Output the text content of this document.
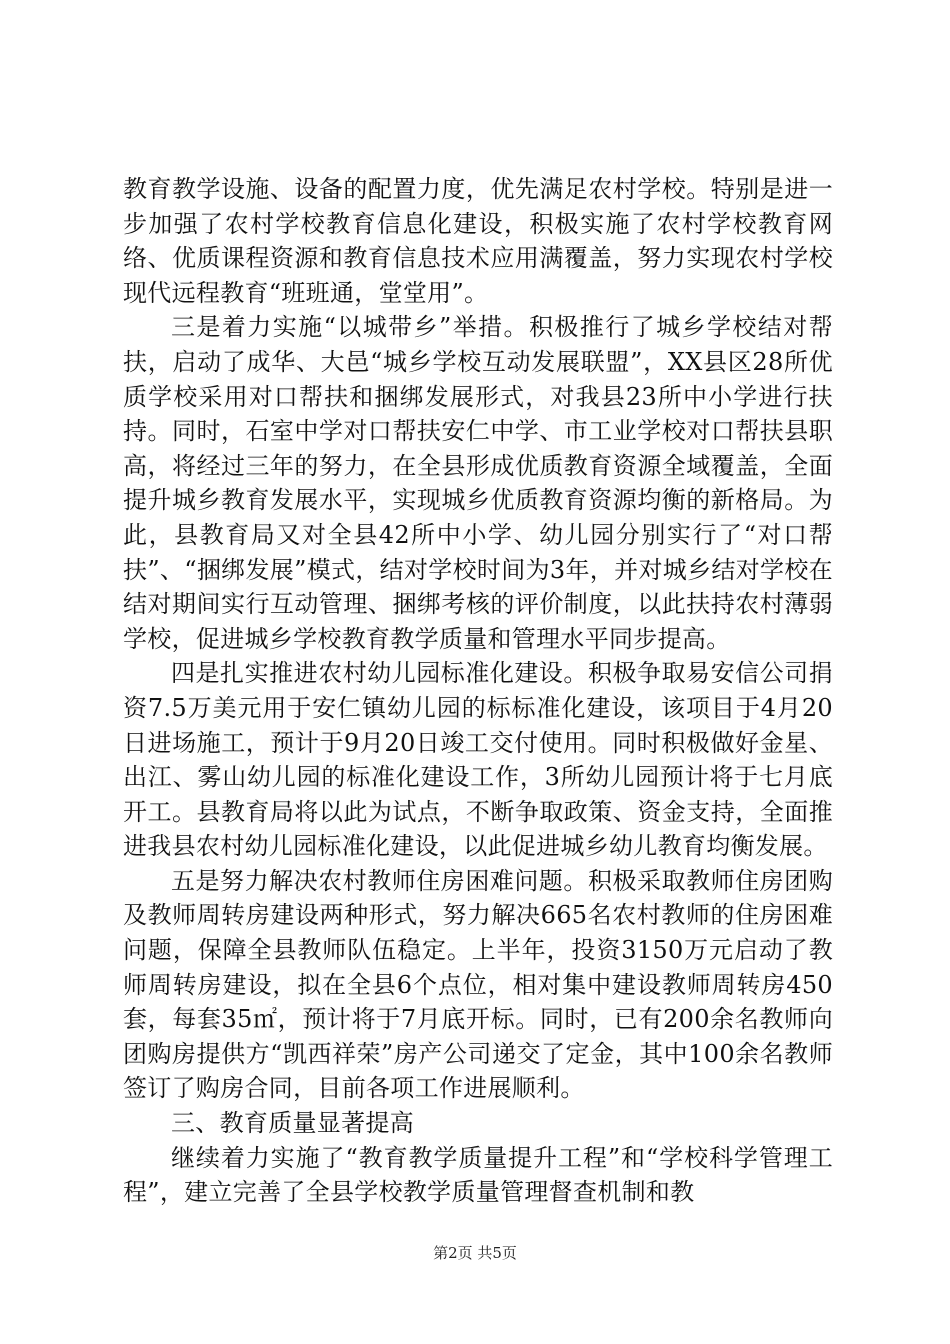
教育教学设施、设备的配置力度，优先满足农村学校。特别是进一步加强了农村学校教育信息化建设，积极实施了农村学校教育网络、优质课程资源和教育信息技术应用满覆盖，努力实现农村学校现代远程教育“班班通，堂堂用”。

三是着力实施“以城带乡”举措。积极推行了城乡学校结对帮扶，启动了成华、大邑“城乡学校互动发展联盟”，XX县区28所优质学校采用对口帮扶和捆绑发展形式，对我县23所中小学进行扶持。同时，石室中学对口帮扶安仁中学、市工业学校对口帮扶县职高，将经过三年的努力，在全县形成优质教育资源全域覆盖，全面提升城乡教育发展水平，实现城乡优质教育资源均衡的新格局。为此，县教育局又对全县42所中小学、幼儿园分别实行了“对口帮扶”、“捆绑发展”模式，结对学校时间为3年，并对城乡结对学校在结对期间实行互动管理、捆绑考核的评价制度，以此扶持农村薄弱学校，促进城乡学校教育教学质量和管理水平同步提高。

四是扎实推进农村幼儿园标准化建设。积极争取易安信公司捐资7.5万美元用于安仁镇幼儿园的标标准化建设，该项目于4月20日进场施工，预计于9月20日竣工交付使用。同时积极做好金星、出江、雾山幼儿园的标准化建设工作，3所幼儿园预计将于七月底开工。县教育局将以此为试点，不断争取政策、资金支持，全面推进我县农村幼儿园标准化建设，以此促进城乡幼儿教育均衡发展。

五是努力解决农村教师住房困难问题。积极采取教师住房团购及教师周转房建设两种形式，努力解决665名农村教师的住房困难问题，保障全县教师队伍稳定。上半年，投资3150万元启动了教师周转房建设，拟在全县6个点位，相对集中建设教师周转房450套，每套35㎡，预计将于7月底开标。同时，已有200余名教师向团购房提供方“凯西祥荣”房产公司递交了定金，其中100余名教师签订了购房合同，目前各项工作进展顺利。

三、教育质量显著提高

继续着力实施了“教育教学质量提升工程”和“学校科学管理工程”，建立完善了全县学校教学质量管理督查机制和教

第2页 共5页
